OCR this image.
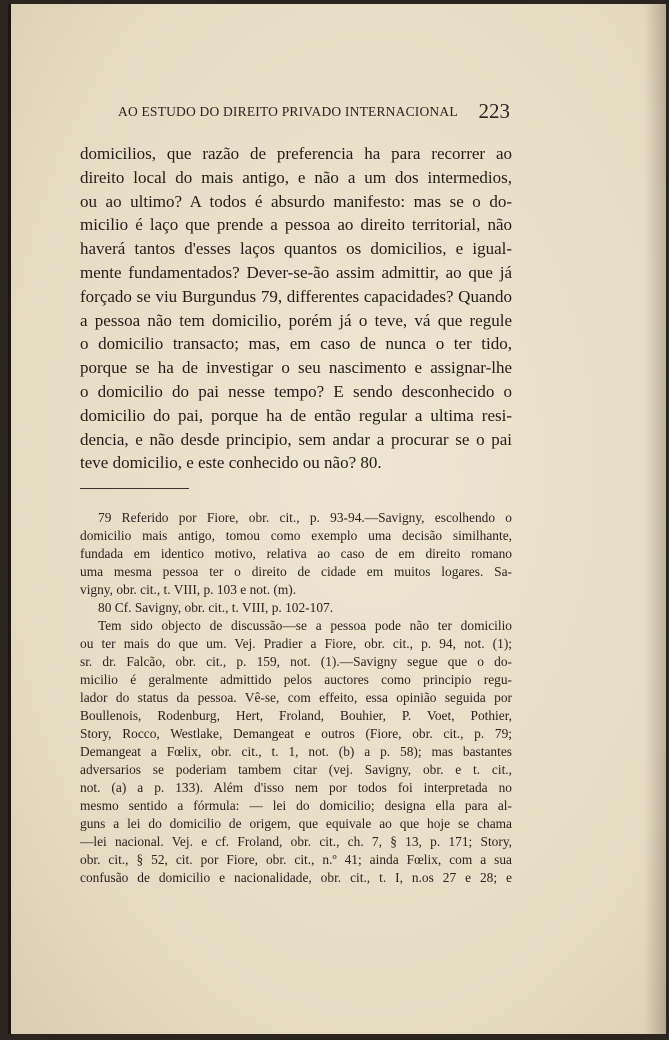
AO ESTUDO DO DIREITO PRIVADO INTERNACIONAL 223
domicilios, que razão de preferencia ha para recorrer ao
direito local do mais antigo, e não a um dos intermedios,
ou ao ultimo? A todos é absurdo manifesto: mas se o do-
micilio é laço que prende a pessoa ao direito territorial, não
haverá tantos d'esses laços quantos os domicilios, e igual-
mente fundamentados? Dever-se-ão assim admittir, ao que já
forçado se viu Burgundus 79, differentes capacidades? Quando
a pessoa não tem domicilio, porém já o teve, vá que regule
o domicilio transacto; mas, em caso de nunca o ter tido,
porque se ha de investigar o seu nascimento e assignar-lhe
o domicilio do pai nesse tempo? E sendo desconhecido o
domicilio do pai, porque ha de então regular a ultima resi-
dencia, e não desde principio, sem andar a procurar se o pai
teve domicilio, e este conhecido ou não? 80.
79 Referido por Fiore, obr. cit., p. 93-94.—Savigny, escolhendo o
domicilio mais antigo, tomou como exemplo uma decisão similhante,
fundada em identico motivo, relativa ao caso de em direito romano
uma mesma pessoa ter o direito de cidade em muitos logares. Sa-
vigny, obr. cit., t. VIII, p. 103 e not. (m).
80 Cf. Savigny, obr. cit., t. VIII, p. 102-107.
Tem sido objecto de discussão—se a pessoa pode não ter domicilio
ou ter mais do que um. Vej. Pradier a Fiore, obr. cit., p. 94, not. (1);
sr. dr. Falcão, obr. cit., p. 159, not. (1).—Savigny segue que o do-
micilio é geralmente admittido pelos auctores como principio regu-
lador do status da pessoa. Vê-se, com effeito, essa opinião seguida por
Boullenois, Rodenburg, Hert, Froland, Bouhier, P. Voet, Pothier,
Story, Rocco, Westlake, Demangeat e outros (Fiore, obr. cit., p. 79;
Demangeat a Fœlix, obr. cit., t. 1, not. (b) a p. 58); mas bastantes
adversarios se poderiam tambem citar (vej. Savigny, obr. e t. cit.,
not. (a) a p. 133). Além d'isso nem por todos foi interpretada no
mesmo sentido a fórmula: — lei do domicilio; designa ella para al-
guns a lei do domicilio de origem, que equivale ao que hoje se chama
—lei nacional. Vej. e cf. Froland, obr. cit., ch. 7, § 13, p. 171; Story,
obr. cit., § 52, cit. por Fiore, obr. cit., n.º 41; ainda Fœlix, com a sua
confusão de domicilio e nacionalidade, obr. cit., t. I, n.os 27 e 28; e
